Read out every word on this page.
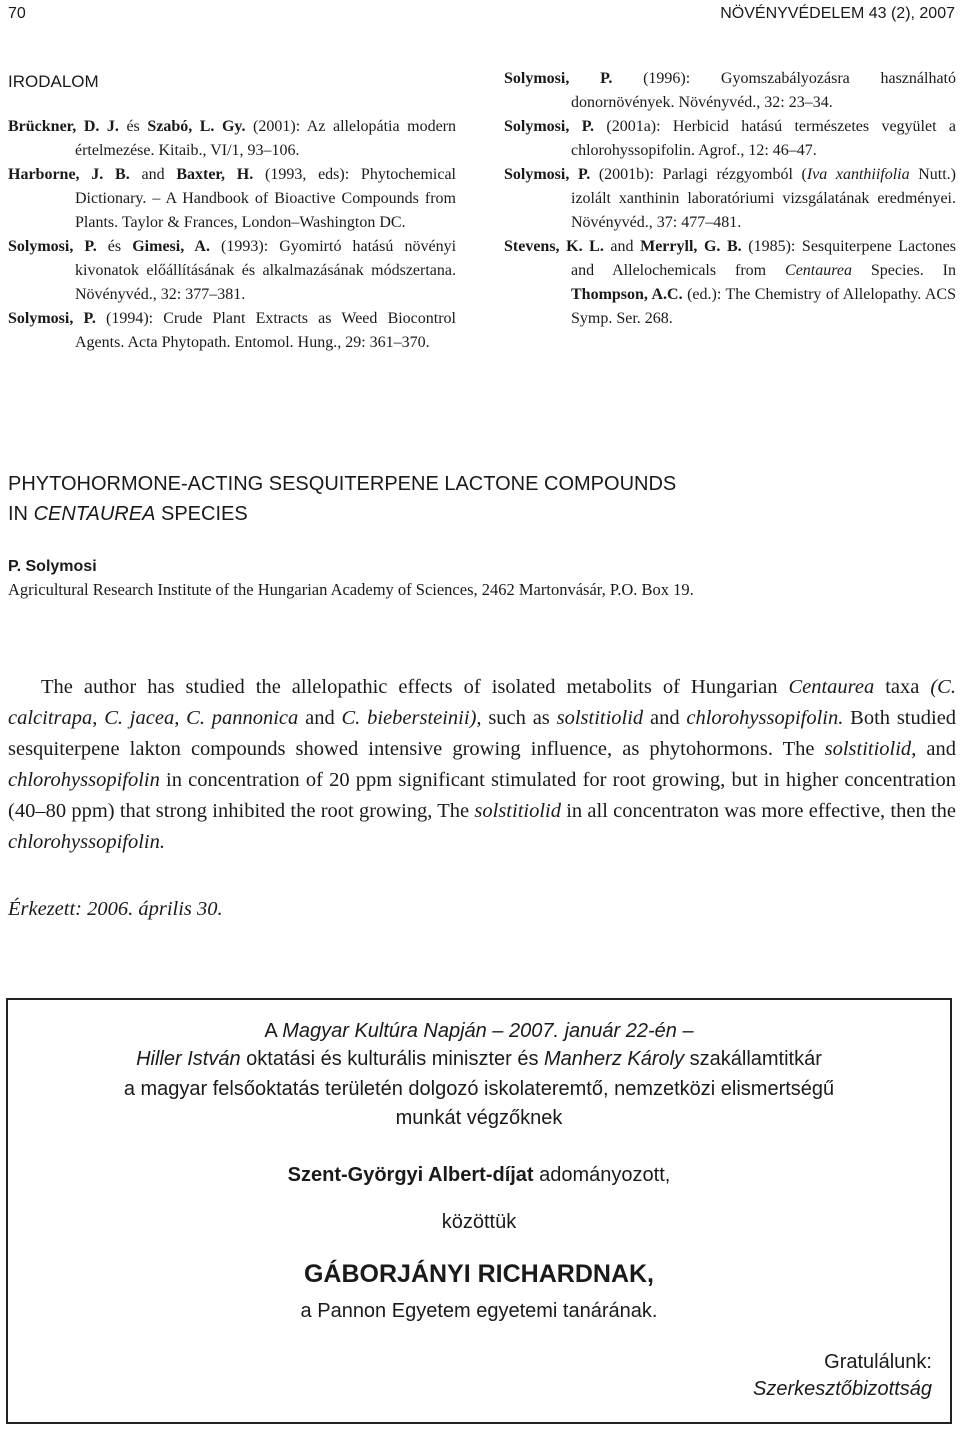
70	NÖVÉNYVÉDELEM 43 (2), 2007
IRODALOM

Brückner, D. J. és Szabó, L. Gy. (2001): Az allelopátia modern értelmezése. Kitaib., VI/1, 93–106.

Harborne, J. B. and Baxter, H. (1993, eds): Phytochemical Dictionary. – A Handbook of Bioactive Compounds from Plants. Taylor & Frances, London–Washington DC.

Solymosi, P. és Gimesi, A. (1993): Gyomirtó hatású növényi kivonatok előállításának és alkalmazásának módszertana. Növényvéd., 32: 377–381.

Solymosi, P. (1994): Crude Plant Extracts as Weed Biocontrol Agents. Acta Phytopath. Entomol. Hung., 29: 361–370.

Solymosi, P. (1996): Gyomszabályozásra használható donornövények. Növényvéd., 32: 23–34.

Solymosi, P. (2001a): Herbicid hatású természetes vegyület a chlorohyssopifolin. Agrof., 12: 46–47.

Solymosi, P. (2001b): Parlagi rézgyomból (Iva xanthiifolia Nutt.) izolált xanthinin laboratóriumi vizsgálatának eredményei. Növényvéd., 37: 477–481.

Stevens, K. L. and Merryll, G. B. (1985): Sesquiterpene Lactones and Allelochemicals from Centaurea Species. In Thompson, A.C. (ed.): The Chemistry of Allelopathy. ACS Symp. Ser. 268.

PHYTOHORMONE-ACTING SESQUITERPENE LACTONE COMPOUNDS
IN CENTAUREA SPECIES
P. Solymosi
Agricultural Research Institute of the Hungarian Academy of Sciences, 2462 Martonvásár, P.O. Box 19.

The author has studied the allelopathic effects of isolated metabolits of Hungarian Centaurea taxa (C. calcitrapa, C. jacea, C. pannonica and C. biebersteinii), such as solstitiolid and chlorohyssopifolin. Both studied sesquiterpene lakton compounds showed intensive growing influence, as phytohormons. The solstitiolid, and chlorohyssopifolin in concentration of 20 ppm significant stimulated for root growing, but in higher concentration (40–80 ppm) that strong inhibited the root growing, The solstitiolid in all concentraton was more effective, then the chlorohyssopifolin.

Érkezett: 2006. április 30.
A Magyar Kultúra Napján – 2007. január 22-én –
Hiller István oktatási és kulturális miniszter és Manherz Károly szakállamtitkár
a magyar felsőoktatás területén dolgozó iskolateremtő, nemzetközi elismertségű
munkát végzőknek
Szent-Györgyi Albert-díjat adományozott,
közöttük
GÁBORJÁNYI RICHARDNAK,
a Pannon Egyetem egyetemi tanárának.
Gratulálunk:
Szerkesztőbizottság
